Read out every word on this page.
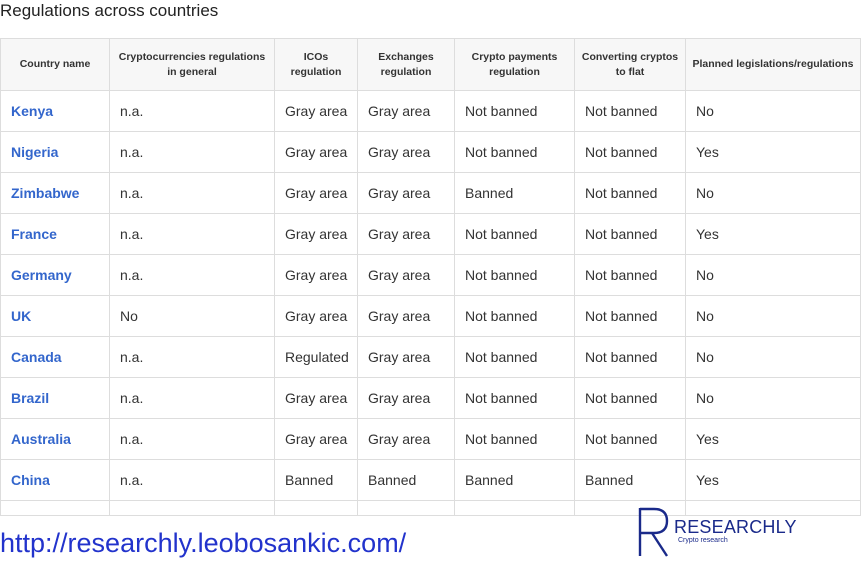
Regulations across countries
Country name	Cryptocurrencies regulations in general	ICOs regulation	Exchanges regulation	Crypto payments regulation	Converting cryptos to flat	Planned legislations/regulations
Kenya	n.a.	Gray area	Gray area	Not banned	Not banned	No
Nigeria	n.a.	Gray area	Gray area	Not banned	Not banned	Yes
Zimbabwe	n.a.	Gray area	Gray area	Banned	Not banned	No
France	n.a.	Gray area	Gray area	Not banned	Not banned	Yes
Germany	n.a.	Gray area	Gray area	Not banned	Not banned	No
UK	No	Gray area	Gray area	Not banned	Not banned	No
Canada	n.a.	Regulated	Gray area	Not banned	Not banned	No
Brazil	n.a.	Gray area	Gray area	Not banned	Not banned	No
Australia	n.a.	Gray area	Gray area	Not banned	Not banned	Yes
China	n.a.	Banned	Banned	Banned	Banned	Yes

http://researchly.leobosankic.com/
RESEARCHLY
Crypto research
